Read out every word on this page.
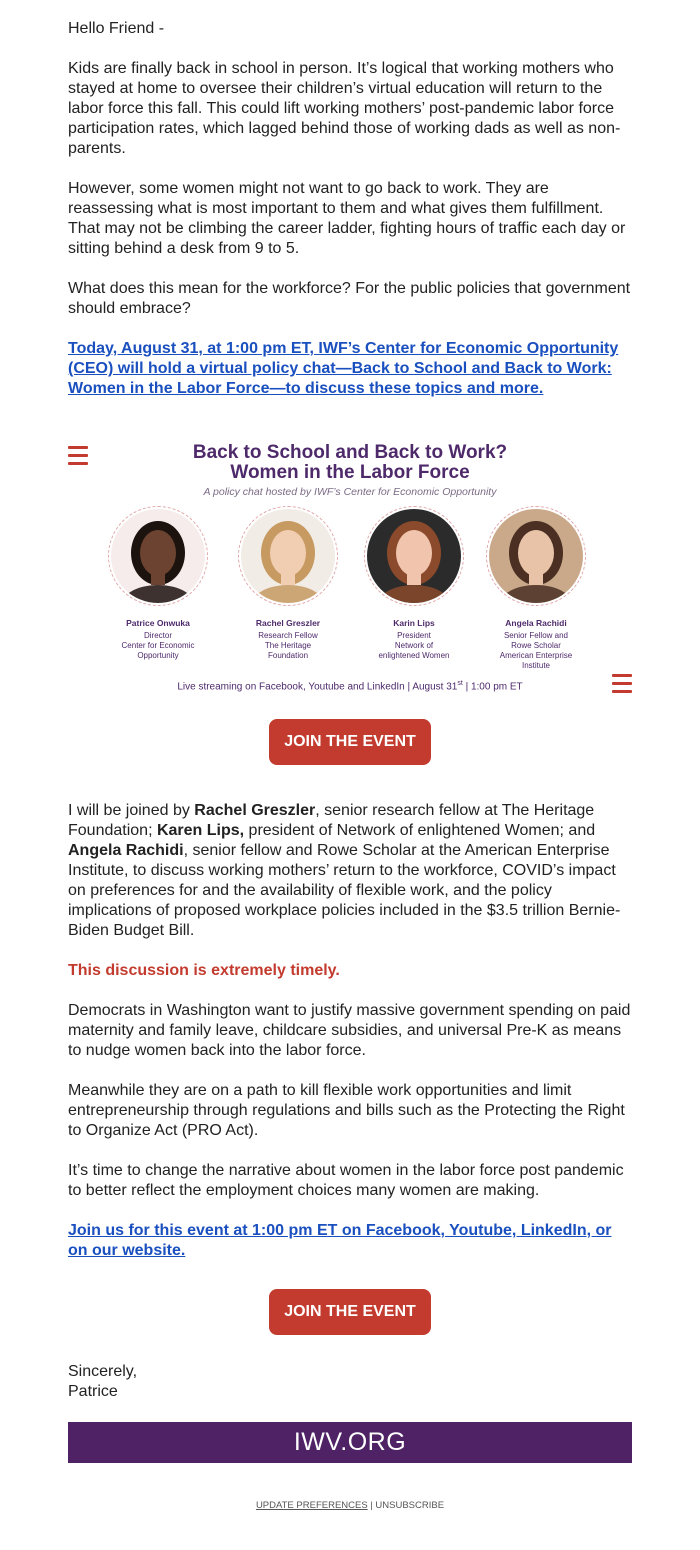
Hello Friend -

Kids are finally back in school in person. It’s logical that working mothers who stayed at home to oversee their children’s virtual education will return to the labor force this fall. This could lift working mothers’ post-pandemic labor force participation rates, which lagged behind those of working dads as well as non-parents.

However, some women might not want to go back to work. They are reassessing what is most important to them and what gives them fulfillment. That may not be climbing the career ladder, fighting hours of traffic each day or sitting behind a desk from 9 to 5.

What does this mean for the workforce? For the public policies that government should embrace?

Today, August 31, at 1:00 pm ET, IWF’s Center for Economic Opportunity (CEO) will hold a virtual policy chat—Back to School and Back to Work: Women in the Labor Force—to discuss these topics and more.

Back to School and Back to Work?
Women in the Labor Force
A policy chat hosted by IWF’s Center for Economic Opportunity
Patrice Onwuka
Director
Center for Economic
Opportunity
Rachel Greszler
Research Fellow
The Heritage
Foundation
Karin Lips
President
Network of
enlightened Women
Angela Rachidi
Senior Fellow and
Rowe Scholar
American Enterprise
Institute
Live streaming on Facebook, Youtube and LinkedIn | August 31st | 1:00 pm ET
JOIN THE EVENT

I will be joined by Rachel Greszler, senior research fellow at The Heritage Foundation; Karen Lips, president of Network of enlightened Women; and Angela Rachidi, senior fellow and Rowe Scholar at the American Enterprise Institute, to discuss working mothers’ return to the workforce, COVID’s impact on preferences for and the availability of flexible work, and the policy implications of proposed workplace policies included in the $3.5 trillion Bernie-Biden Budget Bill.

This discussion is extremely timely.

Democrats in Washington want to justify massive government spending on paid maternity and family leave, childcare subsidies, and universal Pre-K as means to nudge women back into the labor force.

Meanwhile they are on a path to kill flexible work opportunities and limit entrepreneurship through regulations and bills such as the Protecting the Right to Organize Act (PRO Act).

It’s time to change the narrative about women in the labor force post pandemic to better reflect the employment choices many women are making.

Join us for this event at 1:00 pm ET on Facebook, Youtube, LinkedIn, or on our website.

JOIN THE EVENT

Sincerely,

Patrice

IWV.ORG
UPDATE PREFERENCES | UNSUBSCRIBE
